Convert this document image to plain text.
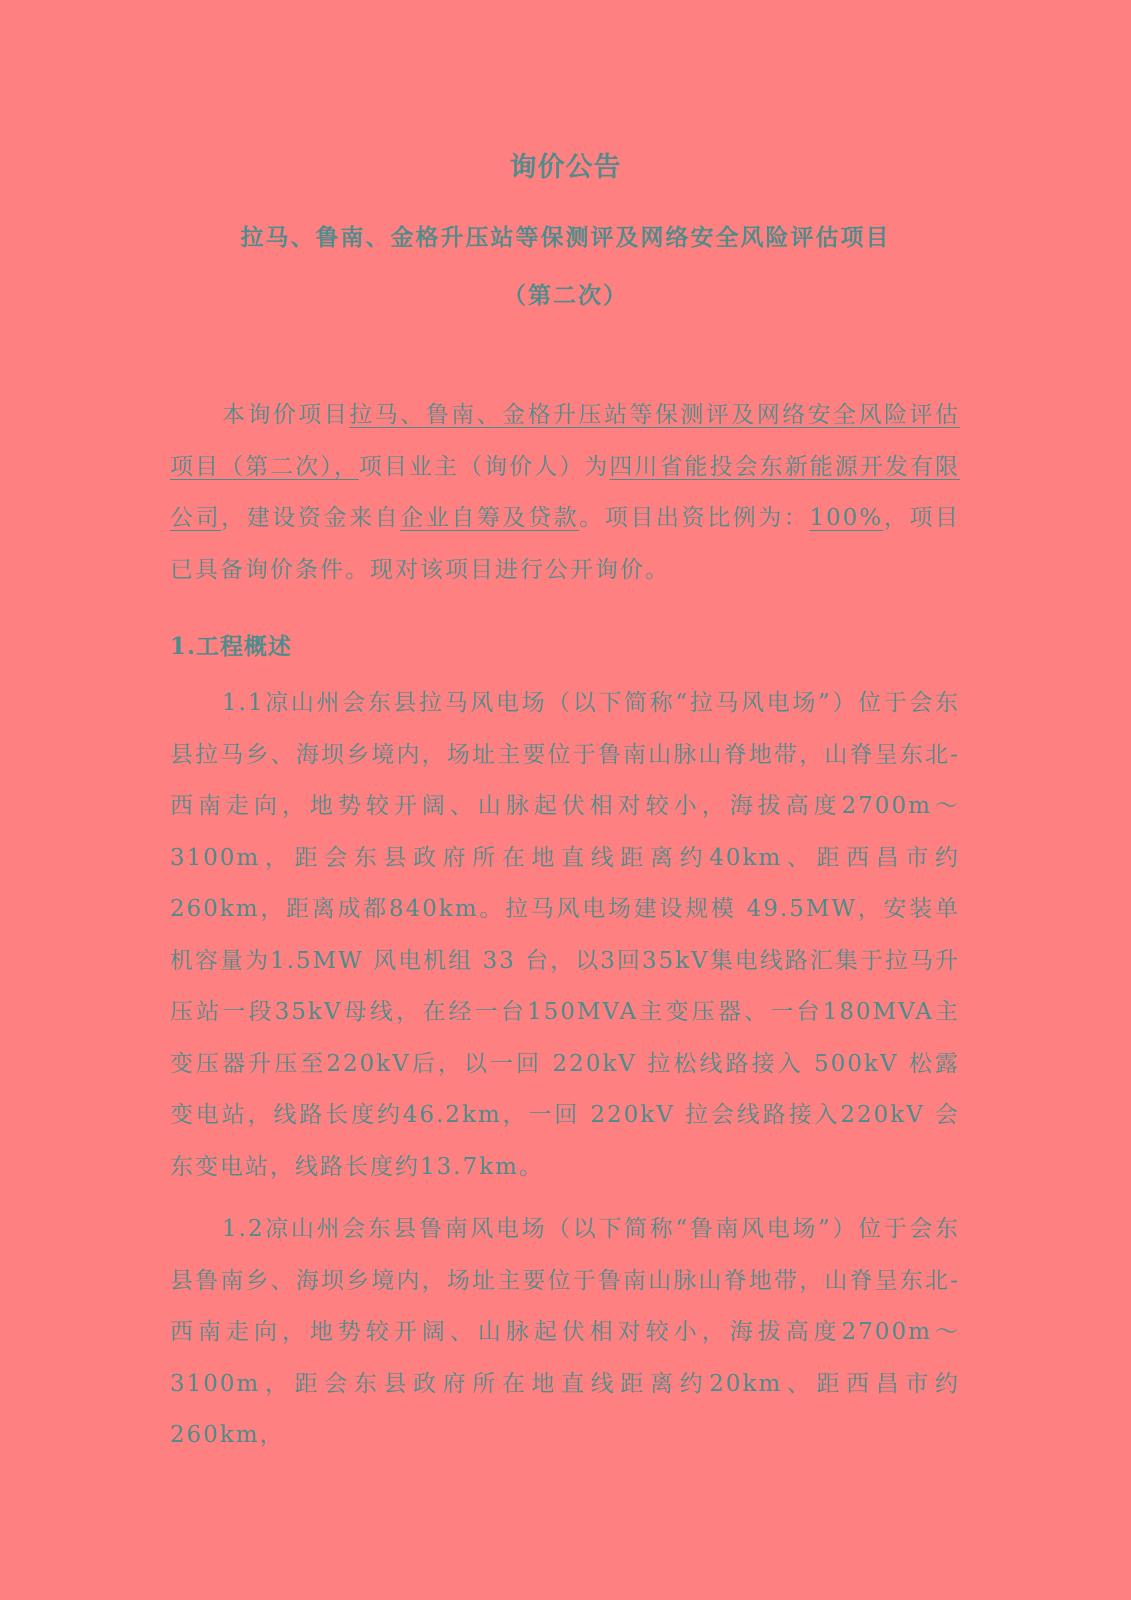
询价公告
拉马、鲁南、金格升压站等保测评及网络安全风险评估项目
（第二次）
本询价项目拉马、鲁南、金格升压站等保测评及网络安全风险评估项目（第二次），项目业主（询价人）为四川省能投会东新能源开发有限公司，建设资金来自企业自筹及贷款。项目出资比例为：100%，项目已具备询价条件。现对该项目进行公开询价。
1.工程概述
1.1凉山州会东县拉马风电场（以下简称“拉马风电场”）位于会东县拉马乡、海坝乡境内，场址主要位于鲁南山脉山脊地带，山脊呈东北-西南走向，地势较开阔、山脉起伏相对较小，海拔高度2700m～3100m，距会东县政府所在地直线距离约40km、距西昌市约260km，距离成都840km。拉马风电场建设规模 49.5MW，安装单机容量为1.5MW 风电机组 33 台，以3回35kV集电线路汇集于拉马升压站一段35kV母线，在经一台150MVA主变压器、一台180MVA主变压器升压至220kV后，以一回 220kV 拉松线路接入 500kV 松露变电站，线路长度约46.2km，一回 220kV 拉会线路接入220kV 会东变电站，线路长度约13.7km。
1.2凉山州会东县鲁南风电场（以下简称“鲁南风电场”）位于会东县鲁南乡、海坝乡境内，场址主要位于鲁南山脉山脊地带，山脊呈东北-西南走向，地势较开阔、山脉起伏相对较小，海拔高度2700m～3100m，距会东县政府所在地直线距离约20km、距西昌市约260km，
